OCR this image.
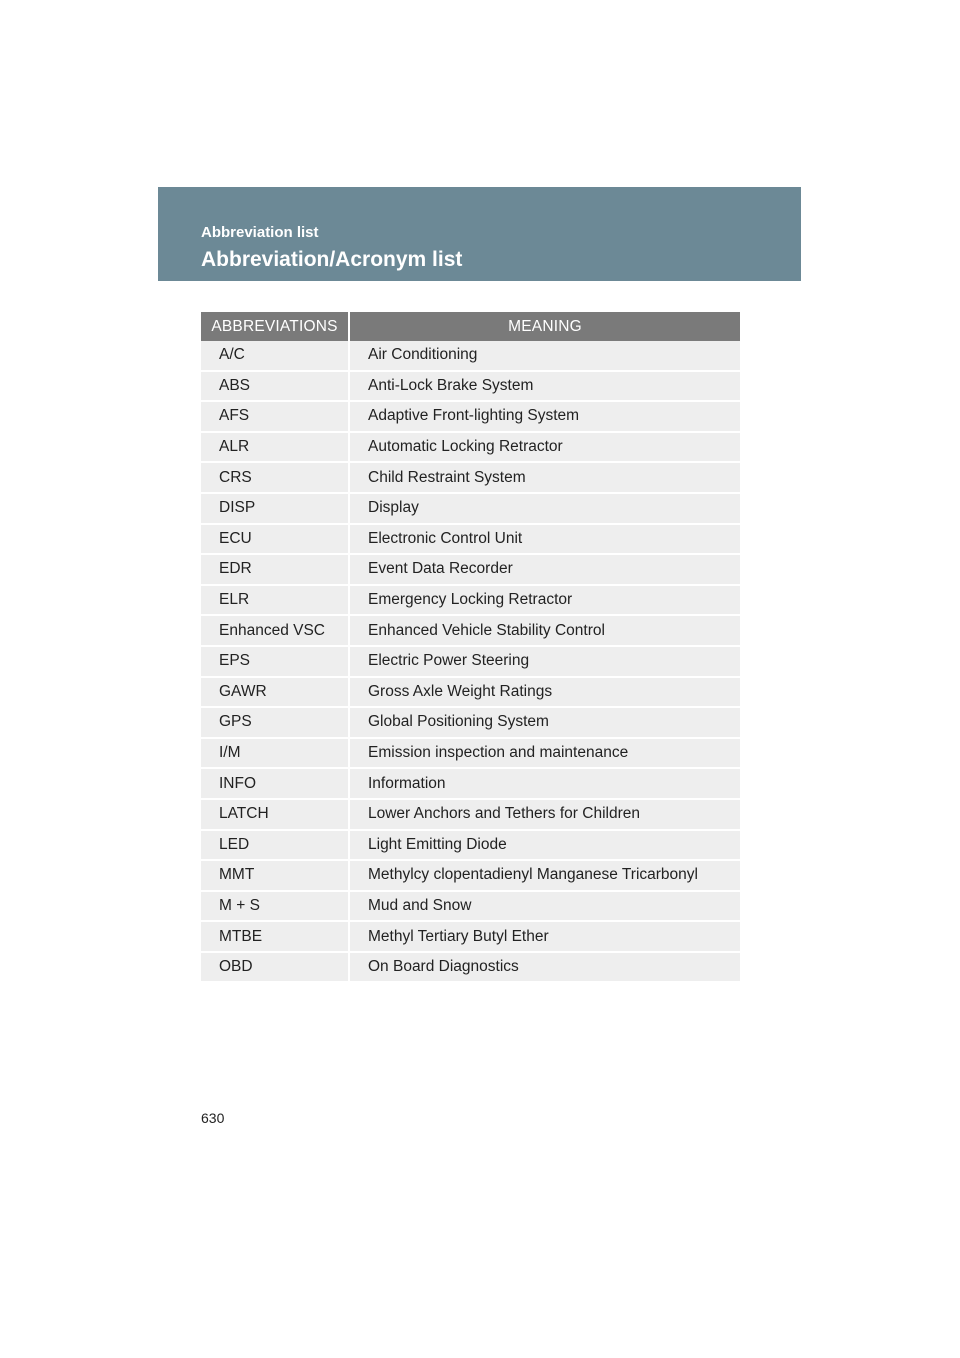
Abbreviation list
Abbreviation/Acronym list
ABBREVIATIONS	MEANING
A/C	Air Conditioning
ABS	Anti-Lock Brake System
AFS	Adaptive Front-lighting System
ALR	Automatic Locking Retractor
CRS	Child Restraint System
DISP	Display
ECU	Electronic Control Unit
EDR	Event Data Recorder
ELR	Emergency Locking Retractor
Enhanced VSC	Enhanced Vehicle Stability Control
EPS	Electric Power Steering
GAWR	Gross Axle Weight Ratings
GPS	Global Positioning System
I/M	Emission inspection and maintenance
INFO	Information
LATCH	Lower Anchors and Tethers for Children
LED	Light Emitting Diode
MMT	Methylcy clopentadienyl Manganese Tricarbonyl
M + S	Mud and Snow
MTBE	Methyl Tertiary Butyl Ether
OBD	On Board Diagnostics
630
